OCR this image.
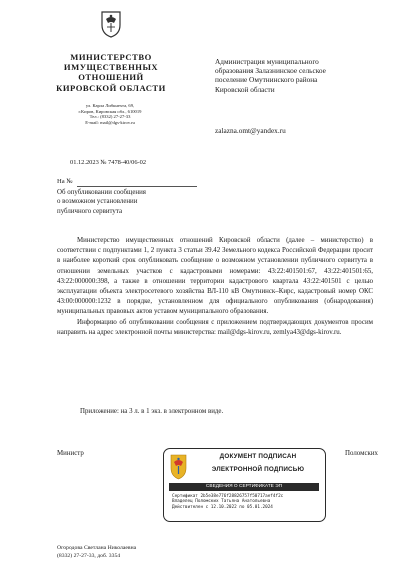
МИНИСТЕРСТВО
ИМУЩЕСТВЕННЫХ
ОТНОШЕНИЙ
КИРОВСКОЙ ОБЛАСТИ
ул. Карла Либкнехта, 69,
г.Киров, Кировская обл., 610019
Тел.: (8332) 27-27-33
E-mail: mail@dgs-kirov.ru
Администрация муниципального
образования Залазнинское сельское
поселение Омутнинского района
Кировской области
zalazna.omt@yandex.ru
01.12.2023 № 7478-40/06-02
На №
Об опубликовании сообщения
о возможном установлении
публичного сервитута

Министерство имущественных отношений Кировской области (далее – министерство) в соответствии с подпунктами 1, 2 пункта 3 статьи 39.42 Земельного кодекса Российской Федерации просит в наиболее короткий срок опубликовать сообщение о возможном установлении публичного сервитута в отношении земельных участков с кадастровыми номерами: 43:22:401501:67, 43:22:401501:65, 43:22:000000:398, а также в отношении территории кадастрового квартала 43:22:401501 с целью эксплуатации объекта электросетевого хозяйства ВЛ-110 кВ Омутнинск–Кирс, кадастровый номер ОКС 43:00:000000:1232 в порядке, установленном для официального опубликования (обнародования) муниципальных правовых актов уставом муниципального образования.

Информацию об опубликовании сообщения с приложением подтверждающих документов просим направить на адрес электронной почты министерства: mail@dgs-kirov.ru, zemlya43@dgs-kirov.ru.

Приложение: на 3 л. в 1 экз. в электронном виде.
Министр	Поломских
ДОКУМЕНТ ПОДПИСАН
ЭЛЕКТРОННОЙ ПОДПИСЬЮ
СВЕДЕНИЯ О СЕРТИФИКАТЕ ЭП
Сертификат 2b5e38e776f28826757f50717aef4f2c
Владелец Поломских Татьяна Анатольевна
Действителен с 12.10.2022 по 05.01.2024
Огородова Светлана Николаевна
(8332) 27-27-33, доб. 3354
